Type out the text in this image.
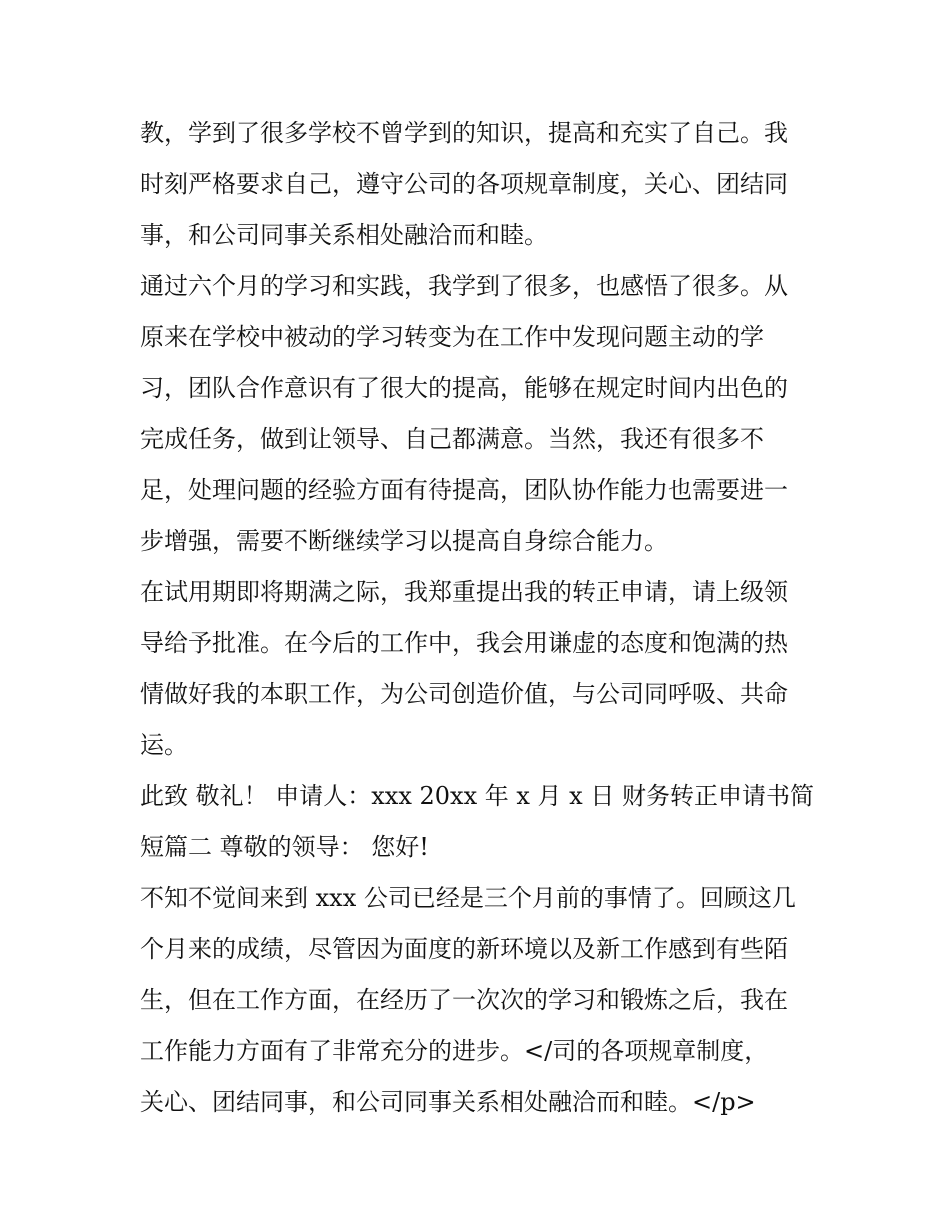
教，学到了很多学校不曾学到的知识，提高和充实了自己。我
时刻严格要求自己，遵守公司的各项规章制度，关心、团结同
事，和公司同事关系相处融洽而和睦。
通过六个月的学习和实践，我学到了很多，也感悟了很多。从
原来在学校中被动的学习转变为在工作中发现问题主动的学
习，团队合作意识有了很大的提高，能够在规定时间内出色的
完成任务，做到让领导、自己都满意。当然，我还有很多不
足，处理问题的经验方面有待提高，团队协作能力也需要进一
步增强，需要不断继续学习以提高自身综合能力。
在试用期即将期满之际，我郑重提出我的转正申请，请上级领
导给予批准。在今后的工作中，我会用谦虚的态度和饱满的热
情做好我的本职工作，为公司创造价值，与公司同呼吸、共命
运。
此致 敬礼！ 申请人：xxx 20xx 年 x 月 x 日 财务转正申请书简
短篇二 尊敬的领导： 您好!
不知不觉间来到 xxx 公司已经是三个月前的事情了。回顾这几
个月来的成绩，尽管因为面度的新环境以及新工作感到有些陌
生，但在工作方面，在经历了一次次的学习和锻炼之后，我在
工作能力方面有了非常充分的进步。</司的各项规章制度，
关心、团结同事，和公司同事关系相处融洽而和睦。</p>
